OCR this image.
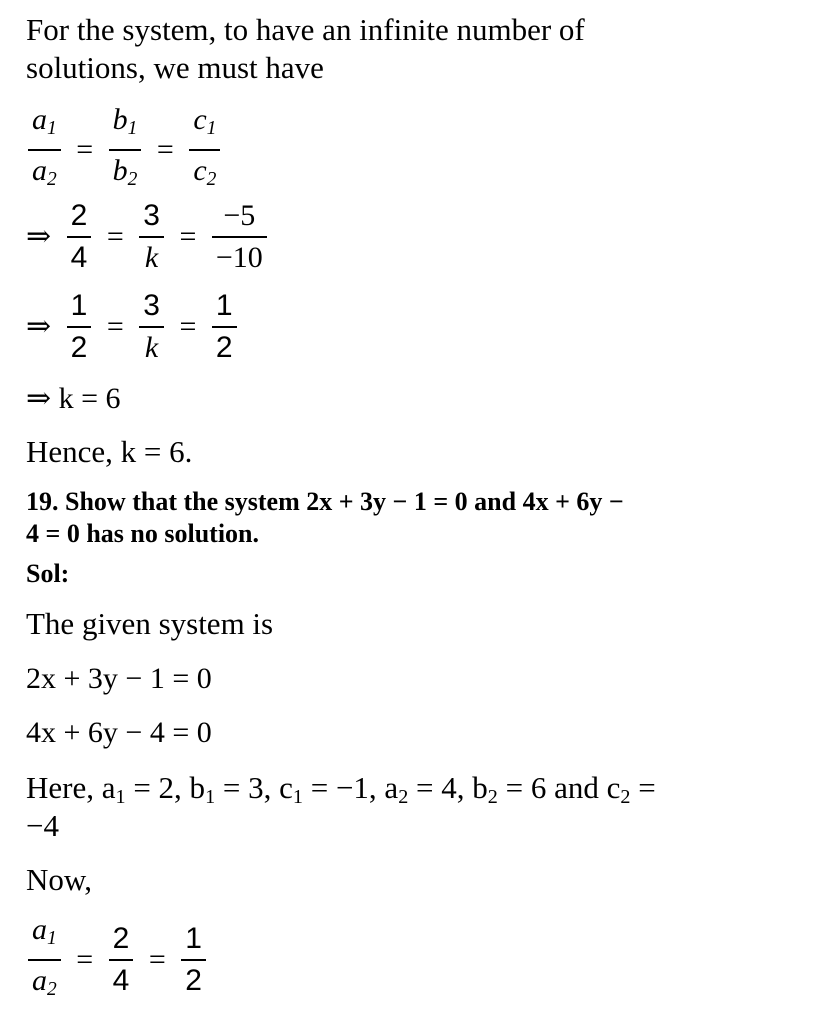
For the system, to have an infinite number of
solutions, we must have
$\frac{a_1}{a_2} = \frac{b_1}{b_2} = \frac{c_1}{c_2}$
⇒ $\frac{2}{4} = \frac{3}{k} = \frac{-5}{-10}$
⇒ $\frac{1}{2} = \frac{3}{k} = \frac{1}{2}$
⇒ k = 6
Hence, k = 6.
19. Show that the system 2x + 3y − 1 = 0 and 4x + 6y −
4 = 0 has no solution.
Sol:
The given system is
2x + 3y − 1 = 0
4x + 6y − 4 = 0
Here, $a_1 = 2$, $b_1 = 3$, $c_1 = -1$, $a_2 = 4$, $b_2 = 6$ and $c_2$ =
−4
Now,
$\frac{a_1}{a_2} = \frac{2}{4} = \frac{1}{2}$
